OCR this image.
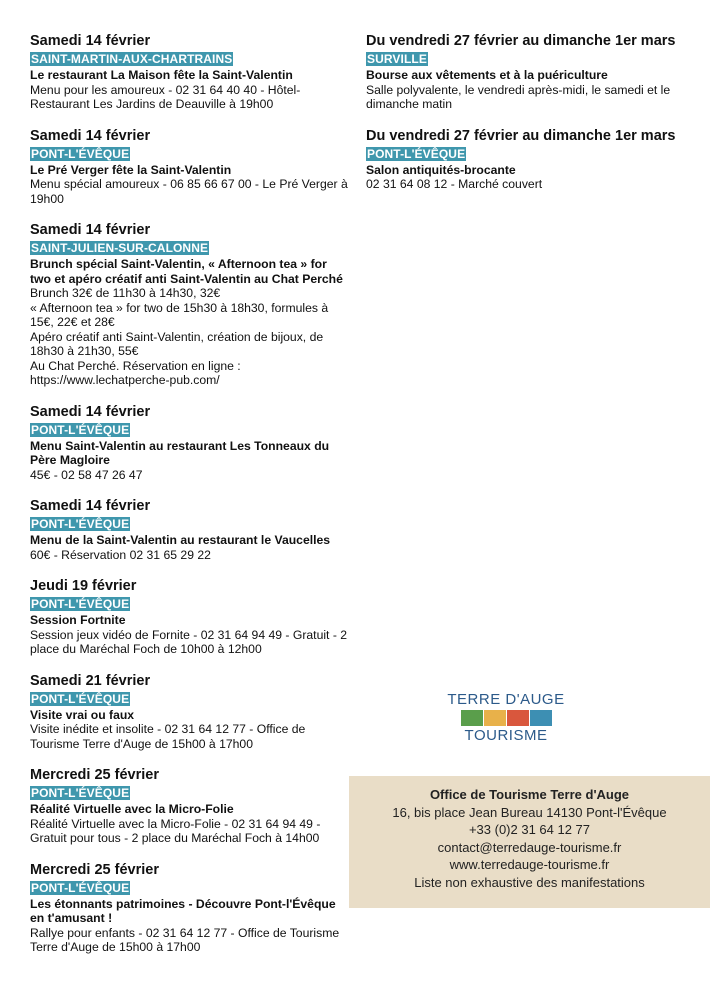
Samedi 14 février
SAINT-MARTIN-AUX-CHARTRAINS
Le restaurant La Maison fête la Saint-Valentin
Menu pour les amoureux - 02 31 64 40 40 - Hôtel-Restaurant Les Jardins de Deauville à 19h00
Samedi 14 février
PONT-L'ÉVÊQUE
Le Pré Verger fête la Saint-Valentin
Menu spécial amoureux - 06 85 66 67 00 - Le Pré Verger à 19h00
Samedi 14 février
SAINT-JULIEN-SUR-CALONNE
Brunch spécial Saint-Valentin, « Afternoon tea » for two et apéro créatif anti Saint-Valentin au Chat Perché
Brunch 32€ de 11h30 à 14h30, 32€
« Afternoon tea » for two de 15h30 à 18h30, formules à 15€, 22€ et 28€
Apéro créatif anti Saint-Valentin, création de bijoux, de 18h30 à 21h30, 55€
Au Chat Perché. Réservation en ligne : https://www.lechatperche-pub.com/
Samedi 14 février
PONT-L'ÉVÊQUE
Menu Saint-Valentin au restaurant Les Tonneaux du Père Magloire
45€ - 02 58 47 26 47
Samedi 14 février
PONT-L'ÉVÊQUE
Menu de la Saint-Valentin au restaurant le Vaucelles
60€ - Réservation 02 31 65 29 22
Jeudi 19 février
PONT-L'ÉVÊQUE
Session Fortnite
Session jeux vidéo de Fornite - 02 31 64 94 49 - Gratuit - 2 place du Maréchal Foch de 10h00 à 12h00
Samedi 21 février
PONT-L'ÉVÊQUE
Visite vrai ou faux
Visite inédite et insolite - 02 31 64 12 77 - Office de Tourisme Terre d'Auge de 15h00 à 17h00
Mercredi 25 février
PONT-L'ÉVÊQUE
Réalité Virtuelle avec la Micro-Folie
Réalité Virtuelle avec la Micro-Folie - 02 31 64 94 49 - Gratuit pour tous - 2 place du Maréchal Foch à 14h00
Mercredi 25 février
PONT-L'ÉVÊQUE
Les étonnants patrimoines - Découvre Pont-l'Évêque en t'amusant !
Rallye pour enfants - 02 31 64 12 77 - Office de Tourisme Terre d'Auge de 15h00 à 17h00
Du vendredi 27 février au dimanche 1er mars
SURVILLE
Bourse aux vêtements et à la puériculture
Salle polyvalente, le vendredi après-midi, le samedi et le dimanche matin
Du vendredi 27 février au dimanche 1er mars
PONT-L'ÉVÊQUE
Salon antiquités-brocante
02 31 64 08 12 - Marché couvert
TERRE D'AUGE
TOURISME
Office de Tourisme Terre d'Auge
16, bis place Jean Bureau 14130 Pont-l'Évêque
+33 (0)2 31 64 12 77
contact@terredauge-tourisme.fr
www.terredauge-tourisme.fr
Liste non exhaustive des manifestations
